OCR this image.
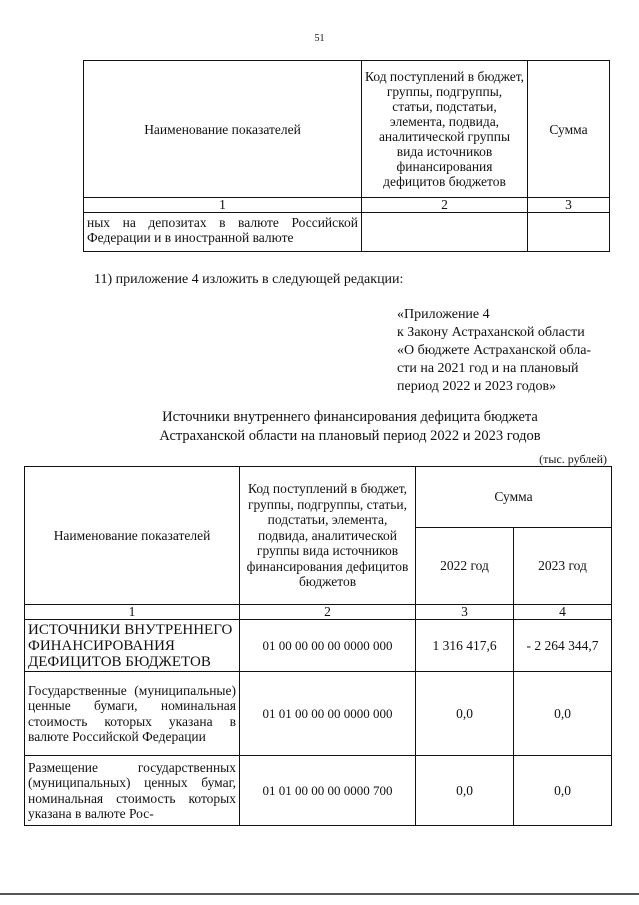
51
Наименование показателей	Код поступлений в бюджет, группы, подгруппы, статьи, подстатьи, элемента, подвида, аналитической группы вида источников финансирования дефицитов бюджетов	Сумма
1	2	3
ных на депозитах в валюте Российской Федерации и в иностранной валюте		
11) приложение 4 изложить в следующей редакции:
«Приложение 4
к Закону Астраханской области
«О бюджете Астраханской обла-
сти на 2021 год и на плановый
период 2022 и 2023 годов»
Источники внутреннего финансирования дефицита бюджета
Астраханской области на плановый период 2022 и 2023 годов
(тыс. рублей)
Наименование показателей	Код поступлений в бюджет, группы, подгруппы, статьи, подстатьи, элемента, подвида, аналитической группы вида источников финансирования дефицитов бюджетов	Сумма	
		2022 год	2023 год
1	2	3	4
ИСТОЧНИКИ ВНУТРЕННЕГО ФИНАНСИРОВАНИЯ ДЕФИЦИТОВ БЮДЖЕТОВ	01 00 00 00 00 0000 000	1 316 417,6	- 2 264 344,7
Государственные (муниципальные) ценные бумаги, номинальная стоимость которых указана в валюте Российской Федерации	01 01 00 00 00 0000 000	0,0	0,0
Размещение государственных (муниципальных) ценных бумаг, номинальная стоимость которых указана в валюте Рос-	01 01 00 00 00 0000 700	0,0	0,0
